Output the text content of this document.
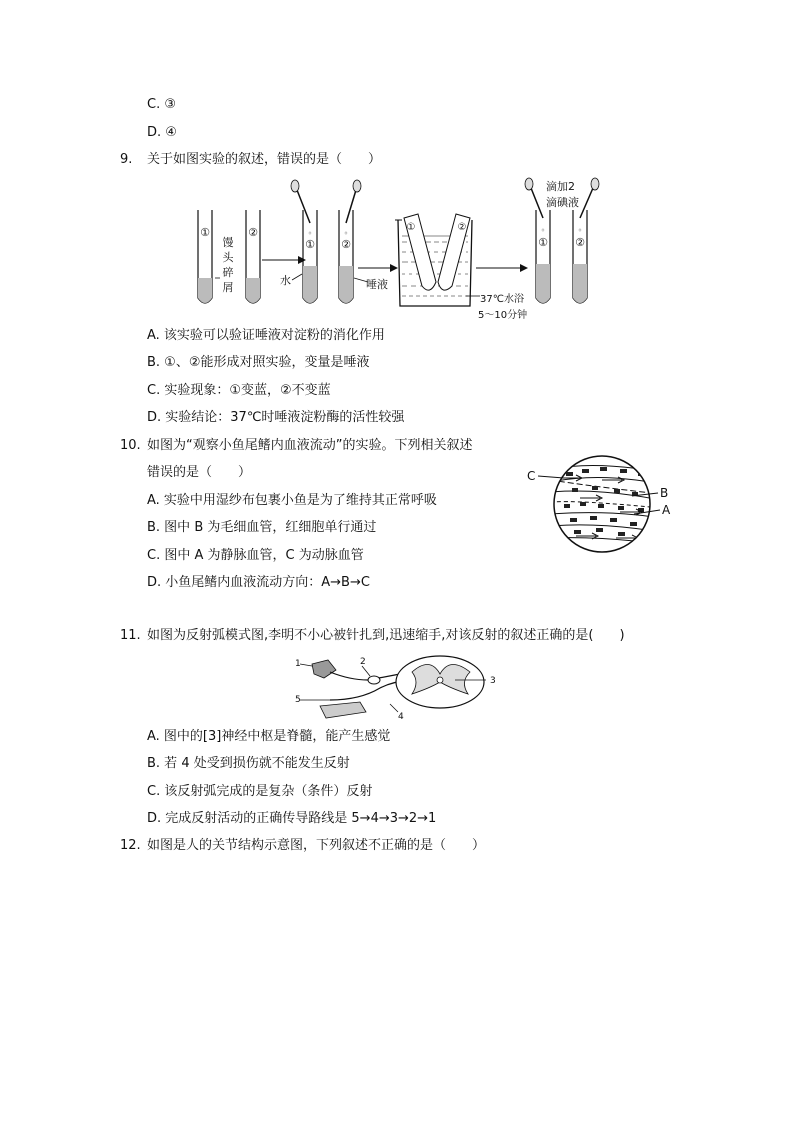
C. ③
D. ④
9. 关于如图实验的叙述，错误的是（　　）
①	②
馒
头
碎
屑
①
◦
水
②
◦
唾液
①	②
37℃水浴
5～10分钟
①
◦
②
◦
滴加2
滴碘液
A. 该实验可以验证唾液对淀粉的消化作用
B. ①、②能形成对照实验，变量是唾液
C. 实验现象：①变蓝，②不变蓝
D. 实验结论：37℃时唾液淀粉酶的活性较强
10. 如图为“观察小鱼尾鳍内血液流动”的实验。下列相关叙述
错误的是（　　）	C
B
A
A. 实验中用湿纱布包裹小鱼是为了维持其正常呼吸
B. 图中 B 为毛细血管，红细胞单行通过
C. 图中 A 为静脉血管，C 为动脉血管
D. 小鱼尾鳍内血液流动方向：A→B→C
11. 如图为反射弧模式图,李明不小心被针扎到,迅速缩手,对该反射的叙述正确的是(　　)
1	2
5
4
3
A. 图中的[3]神经中枢是脊髓，能产生感觉
B. 若 4 处受到损伤就不能发生反射
C. 该反射弧完成的是复杂（条件）反射
D. 完成反射活动的正确传导路线是 5→4→3→2→1
12. 如图是人的关节结构示意图，下列叙述不正确的是（　　）
